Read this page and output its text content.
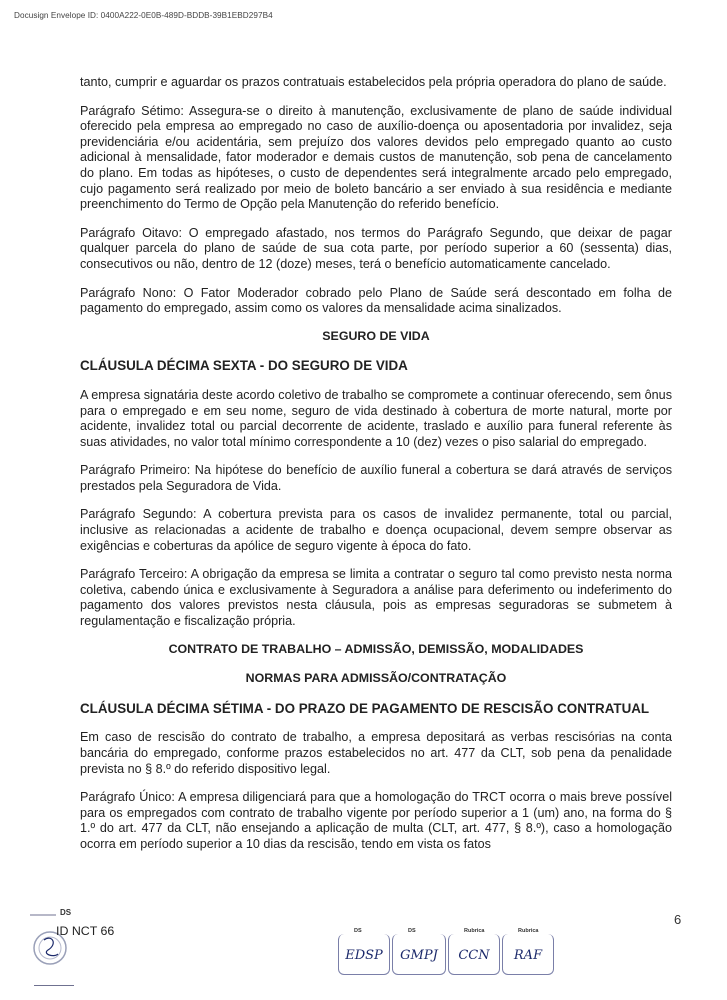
Docusign Envelope ID: 0400A222-0E0B-489D-BDDB-39B1EBD297B4

tanto, cumprir e aguardar os prazos contratuais estabelecidos pela própria operadora do plano de saúde.

Parágrafo Sétimo: Assegura-se o direito à manutenção, exclusivamente de plano de saúde individual oferecido pela empresa ao empregado no caso de auxílio-doença ou aposentadoria por invalidez, seja previdenciária e/ou acidentária, sem prejuízo dos valores devidos pelo empregado quanto ao custo adicional à mensalidade, fator moderador e demais custos de manutenção, sob pena de cancelamento do plano. Em todas as hipóteses, o custo de dependentes será integralmente arcado pelo empregado, cujo pagamento será realizado por meio de boleto bancário a ser enviado à sua residência e mediante preenchimento do Termo de Opção pela Manutenção do referido benefício.

Parágrafo Oitavo: O empregado afastado, nos termos do Parágrafo Segundo, que deixar de pagar qualquer parcela do plano de saúde de sua cota parte, por período superior a 60 (sessenta) dias, consecutivos ou não, dentro de 12 (doze) meses, terá o benefício automaticamente cancelado.

Parágrafo Nono: O Fator Moderador cobrado pelo Plano de Saúde será descontado em folha de pagamento do empregado, assim como os valores da mensalidade acima sinalizados.

SEGURO DE VIDA
CLÁUSULA DÉCIMA SEXTA - DO SEGURO DE VIDA

A empresa signatária deste acordo coletivo de trabalho se compromete a continuar oferecendo, sem ônus para o empregado e em seu nome, seguro de vida destinado à cobertura de morte natural, morte por acidente, invalidez total ou parcial decorrente de acidente, traslado e auxílio para funeral referente às suas atividades, no valor total mínimo correspondente a 10 (dez) vezes o piso salarial do empregado.

Parágrafo Primeiro: Na hipótese do benefício de auxílio funeral a cobertura se dará através de serviços prestados pela Seguradora de Vida.

Parágrafo Segundo: A cobertura prevista para os casos de invalidez permanente, total ou parcial, inclusive as relacionadas a acidente de trabalho e doença ocupacional, devem sempre observar as exigências e coberturas da apólice de seguro vigente à época do fato.

Parágrafo Terceiro: A obrigação da empresa se limita a contratar o seguro tal como previsto nesta norma coletiva, cabendo única e exclusivamente à Seguradora a análise para deferimento ou indeferimento do pagamento dos valores previstos nesta cláusula, pois as empresas seguradoras se submetem à regulamentação e fiscalização própria.

CONTRATO DE TRABALHO – ADMISSÃO, DEMISSÃO, MODALIDADES
NORMAS PARA ADMISSÃO/CONTRATAÇÃO
CLÁUSULA DÉCIMA SÉTIMA - DO PRAZO DE PAGAMENTO DE RESCISÃO CONTRATUAL

Em caso de rescisão do contrato de trabalho, a empresa depositará as verbas rescisórias na conta bancária do empregado, conforme prazos estabelecidos no art. 477 da CLT, sob pena da penalidade prevista no § 8.º do referido dispositivo legal.

Parágrafo Único: A empresa diligenciará para que a homologação do TRCT ocorra o mais breve possível para os empregados com contrato de trabalho vigente por período superior a 1 (um) ano, na forma do § 1.º do art. 477 da CLT, não ensejando a aplicação de multa (CLT, art. 477, § 8.º), caso a homologação ocorra em período superior a 10 dias da rescisão, tendo em vista os fatos

DS
ID NCT 66
6
DS
EDSP
DS
GMPJ
Rubrica
CCN
Rubrica
RAF
